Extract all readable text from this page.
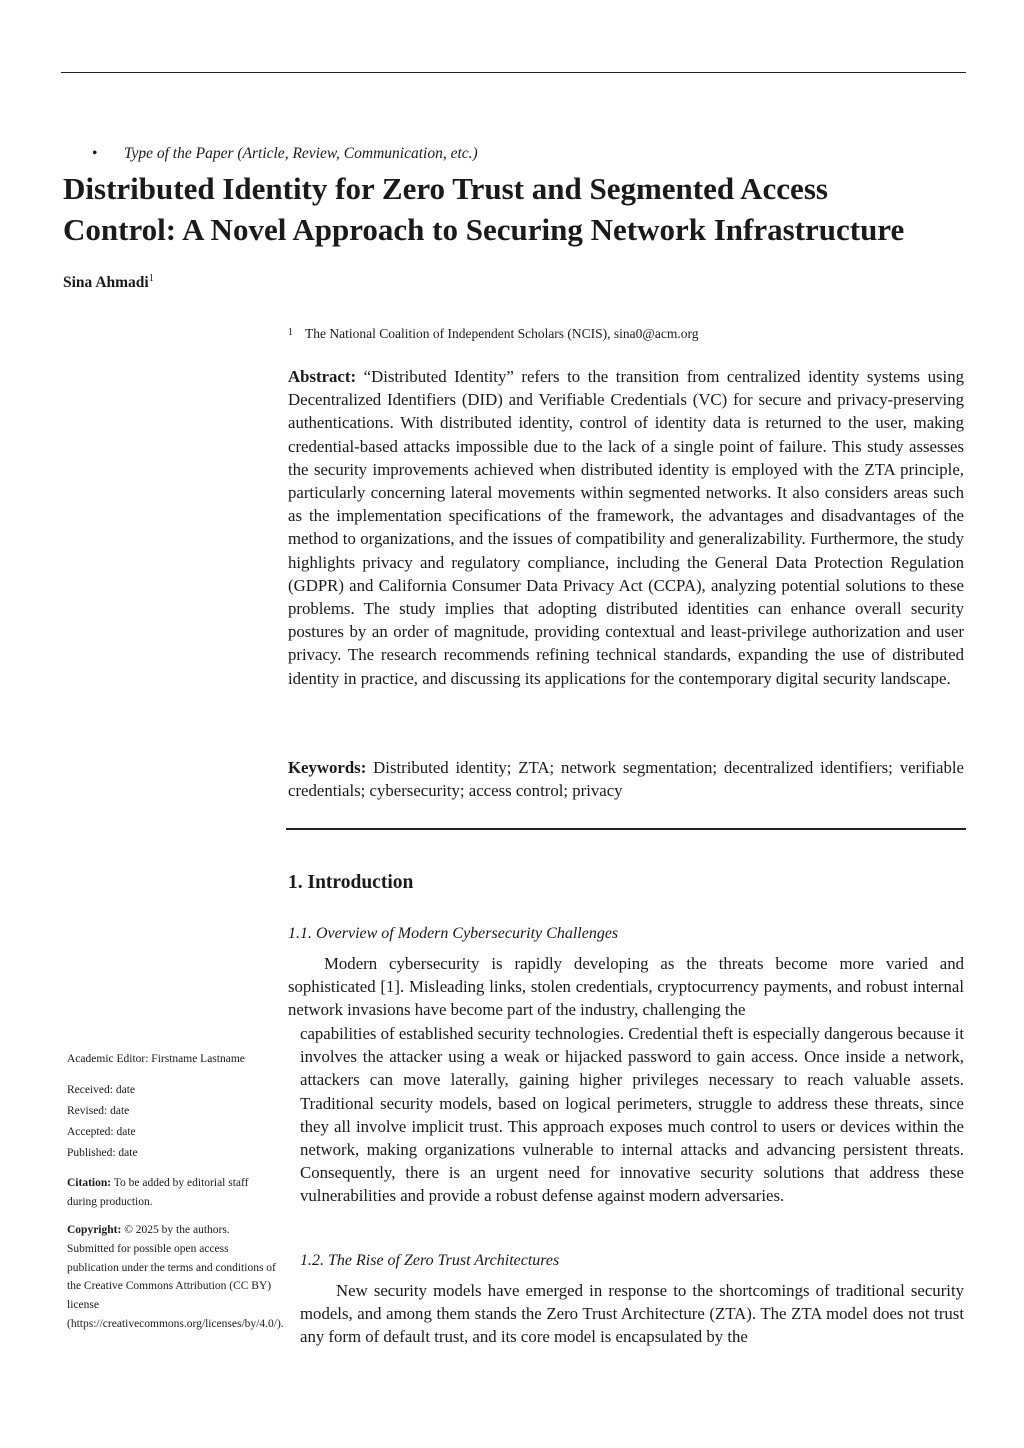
• Type of the Paper (Article, Review, Communication, etc.)
Distributed Identity for Zero Trust and Segmented Access
Control: A Novel Approach to Securing Network Infrastructure
Sina Ahmadi$^1$
1 The National Coalition of Independent Scholars (NCIS), sina0@acm.org

Abstract: “Distributed Identity” refers to the transition from centralized identity systems using Decentralized Identifiers (DID) and Verifiable Credentials (VC) for secure and privacy-preserving authentications. With distributed identity, control of identity data is returned to the user, making credential-based attacks impossible due to the lack of a single point of failure. This study assesses the security improvements achieved when distributed identity is employed with the ZTA principle, particularly concerning lateral movements within segmented networks. It also considers areas such as the implementation specifications of the framework, the advantages and disadvantages of the method to organizations, and the issues of compatibility and generalizability. Furthermore, the study highlights privacy and regulatory compliance, including the General Data Protection Regulation (GDPR) and California Consumer Data Privacy Act (CCPA), analyzing potential solutions to these problems. The study implies that adopting distributed identities can enhance overall security postures by an order of magnitude, providing contextual and least-privilege authorization and user privacy. The research recommends refining technical standards, expanding the use of distributed identity in practice, and discussing its applications for the contemporary digital security landscape.

Keywords: Distributed identity; ZTA; network segmentation; decentralized identifiers; verifiable credentials; cybersecurity; access control; privacy

1. Introduction
1.1. Overview of Modern Cybersecurity Challenges

Modern cybersecurity is rapidly developing as the threats become more varied and sophisticated [1]. Misleading links, stolen credentials, cryptocurrency payments, and robust internal network invasions have become part of the industry, challenging the

capabilities of established security technologies. Credential theft is especially dangerous because it involves the attacker using a weak or hijacked password to gain access. Once inside a network, attackers can move laterally, gaining higher privileges necessary to reach valuable assets. Traditional security models, based on logical perimeters, struggle to address these threats, since they all involve implicit trust. This approach exposes much control to users or devices within the network, making organizations vulnerable to internal attacks and advancing persistent threats. Consequently, there is an urgent need for innovative security solutions that address these vulnerabilities and provide a robust defense against modern adversaries.

1.2. The Rise of Zero Trust Architectures

New security models have emerged in response to the shortcomings of traditional security models, and among them stands the Zero Trust Architecture (ZTA). The ZTA model does not trust any form of default trust, and its core model is encapsulated by the

Academic Editor: Firstname Lastname
Received: date
Revised: date
Accepted: date
Published: date
Citation: To be added by editorial staff during production.
Copyright: © 2025 by the authors. Submitted for possible open access publication under the terms and conditions of the Creative Commons Attribution (CC BY) license (https://creativecommons.org/licenses/by/4.0/).
